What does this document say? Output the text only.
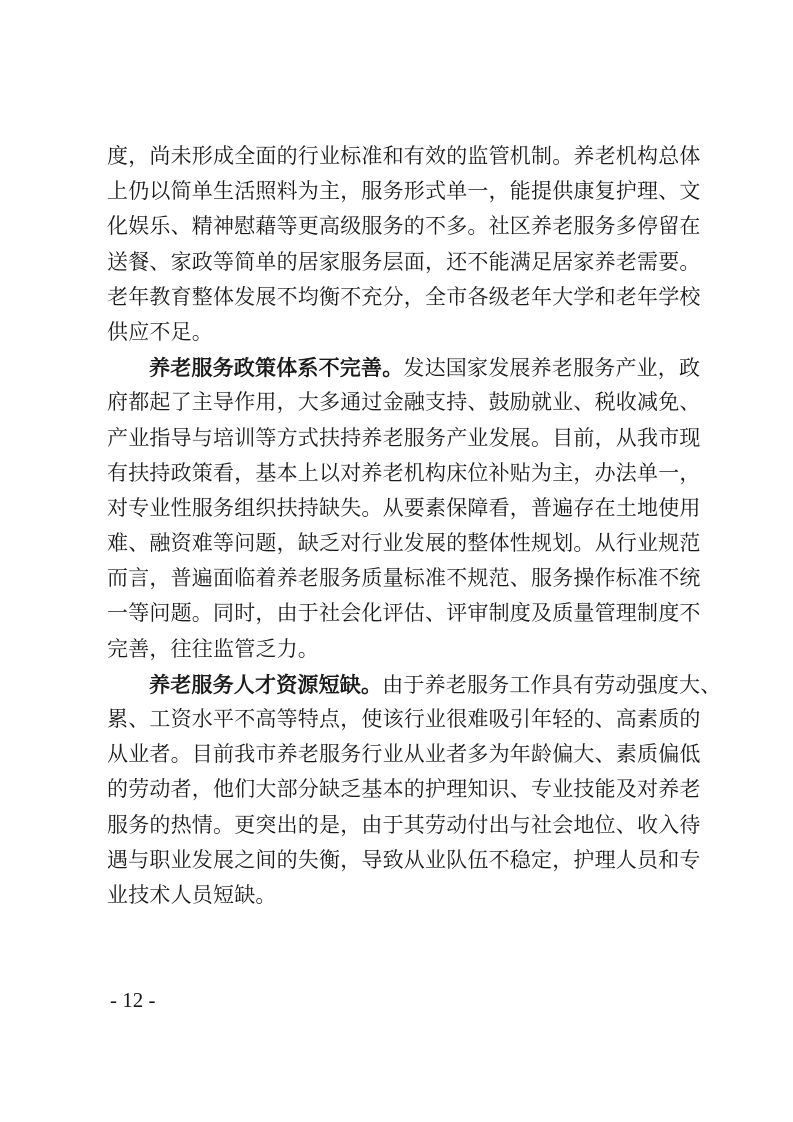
度，尚未形成全面的行业标准和有效的监管机制。养老机构总体
上仍以简单生活照料为主，服务形式单一，能提供康复护理、文
化娱乐、精神慰藉等更高级服务的不多。社区养老服务多停留在
送餐、家政等简单的居家服务层面，还不能满足居家养老需要。
老年教育整体发展不均衡不充分，全市各级老年大学和老年学校
供应不足。
养老服务政策体系不完善。发达国家发展养老服务产业，政
府都起了主导作用，大多通过金融支持、鼓励就业、税收减免、
产业指导与培训等方式扶持养老服务产业发展。目前，从我市现
有扶持政策看，基本上以对养老机构床位补贴为主，办法单一，
对专业性服务组织扶持缺失。从要素保障看，普遍存在土地使用
难、融资难等问题，缺乏对行业发展的整体性规划。从行业规范
而言，普遍面临着养老服务质量标准不规范、服务操作标准不统
一等问题。同时，由于社会化评估、评审制度及质量管理制度不
完善，往往监管乏力。
养老服务人才资源短缺。由于养老服务工作具有劳动强度大、
累、工资水平不高等特点，使该行业很难吸引年轻的、高素质的
从业者。目前我市养老服务行业从业者多为年龄偏大、素质偏低
的劳动者，他们大部分缺乏基本的护理知识、专业技能及对养老
服务的热情。更突出的是，由于其劳动付出与社会地位、收入待
遇与职业发展之间的失衡，导致从业队伍不稳定，护理人员和专
业技术人员短缺。
- 12 -
